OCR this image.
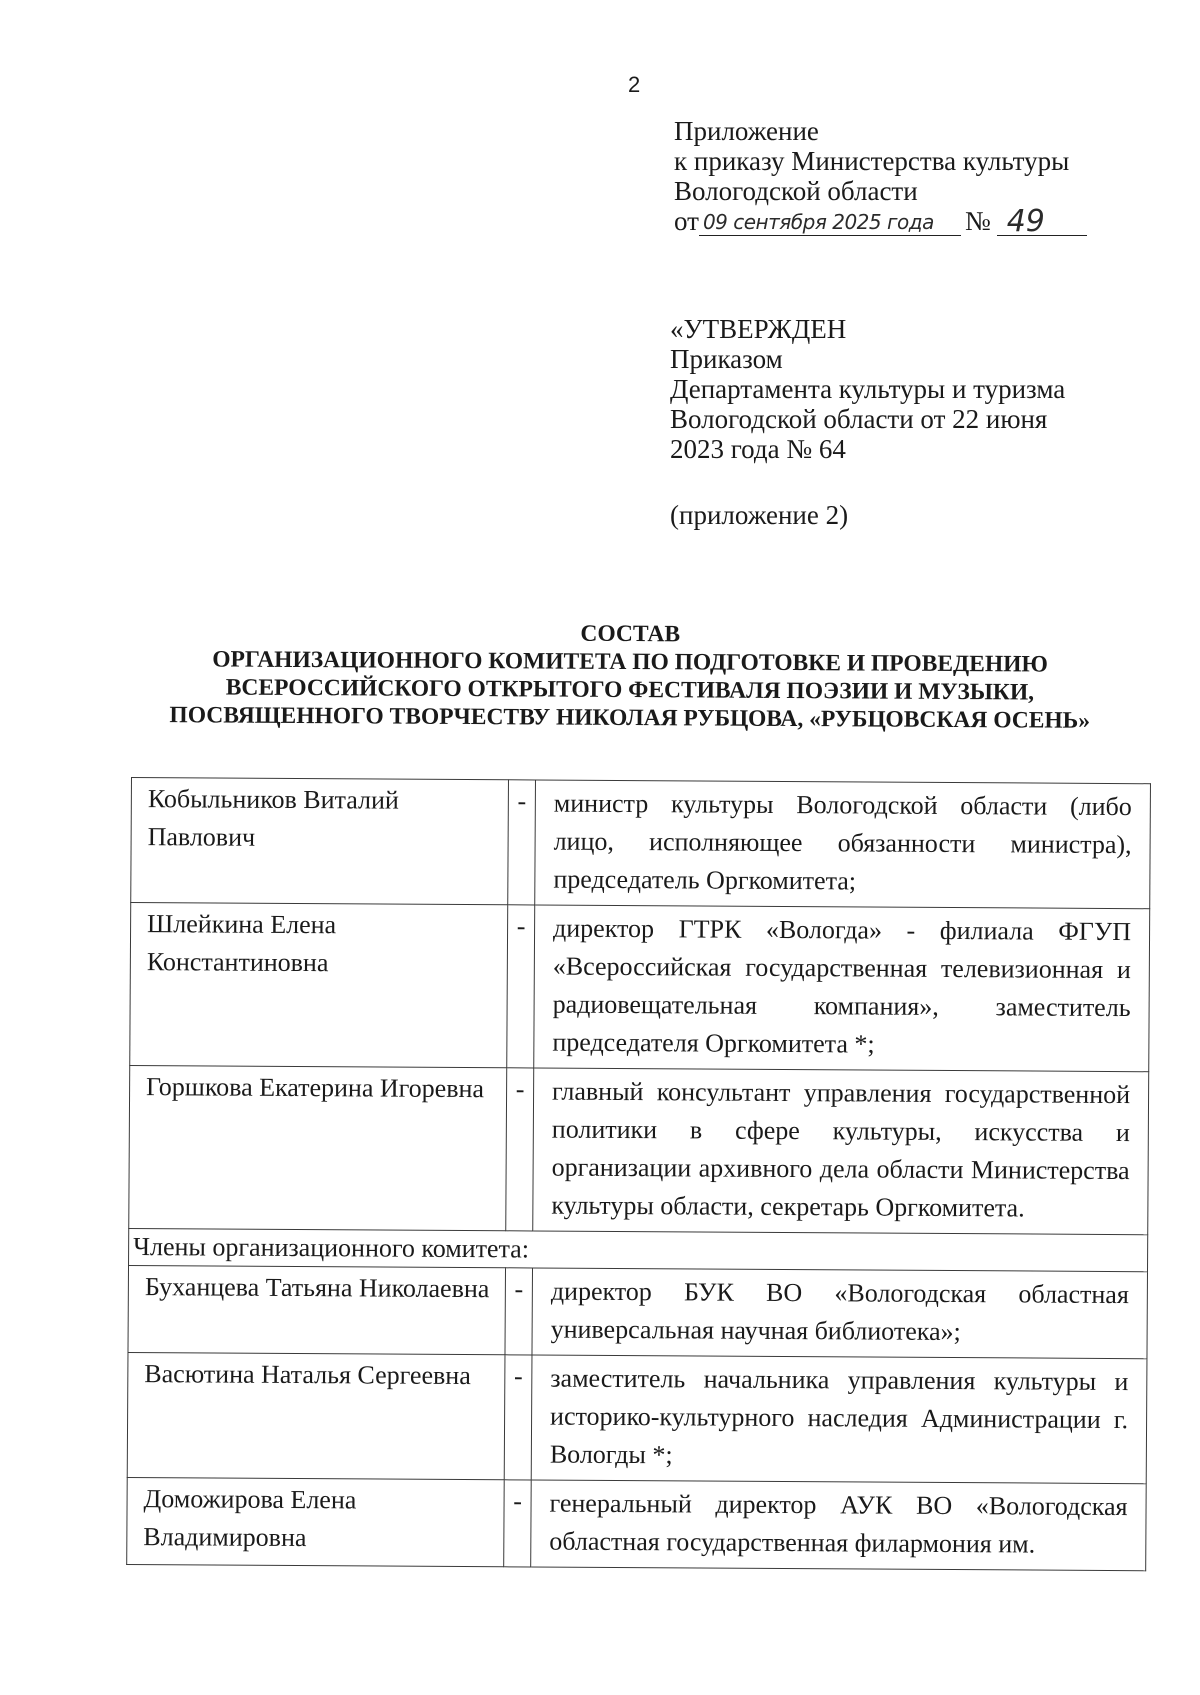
2
Приложение
к приказу Министерства культуры
Вологодской области
от 09 сентября 2025 года	№ 49
«УТВЕРЖДЕН
Приказом
Департамента культуры и туризма
Вологодской области от 22 июня
2023 года № 64
(приложение 2)
СОСТАВ
ОРГАНИЗАЦИОННОГО КОМИТЕТА ПО ПОДГОТОВКЕ И ПРОВЕДЕНИЮ
ВСЕРОССИЙСКОГО ОТКРЫТОГО ФЕСТИВАЛЯ ПОЭЗИИ И МУЗЫКИ,
ПОСВЯЩЕННОГО ТВОРЧЕСТВУ НИКОЛАЯ РУБЦОВА, «РУБЦОВСКАЯ ОСЕНЬ»
Кобыльников Виталий Павлович	-	министр культуры Вологодской области (либо лицо, исполняющее обязанности министра), председатель Оргкомитета;
Шлейкина Елена Константиновна	-	директор ГТРК «Вологда» - филиала ФГУП «Всероссийская государственная телевизионная и радиовещательная компания», заместитель председателя Оргкомитета *;
Горшкова Екатерина Игоревна	-	главный консультант управления государственной политики в сфере культуры, искусства и организации архивного дела области Министерства культуры области, секретарь Оргкомитета.
Члены организационного комитета:		
Буханцева Татьяна Николаевна	-	директор БУК ВО «Вологодская областная универсальная научная библиотека»;
Васютина Наталья Сергеевна	-	заместитель начальника управления культуры и историко-культурного наследия Администрации г. Вологды *;
Доможирова Елена Владимировна	-	генеральный директор АУК ВО «Вологодская областная государственная филармония им.
